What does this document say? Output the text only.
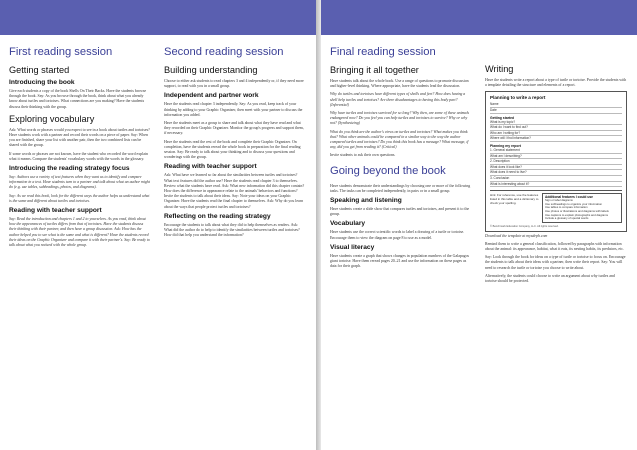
First reading session
Getting started
Introducing the book

Give each students a copy of the book Shells On Their Backs. Have the students browse through the book. Say: As you browse through the book, think about what you already know about turtles and tortoises. What connections are you making? Have the students discuss their thinking with the group.

Exploring vocabulary

Ask: What words or phrases would you expect to see in a book about turtles and tortoises? Have students work with a partner and record their words on a piece of paper. Say: When you are finished, share your list with another pair, then the two combined lists can be shared with the group.

If some words or phrases are not known, have the student who recorded the word explain what it means. Compare the students' vocabulary words with the words in the glossary.

Introducing the reading strategy focus

Say: Authors use a variety of text features when they want us to identify and compare information in a text. Have students turn to a partner and talk about what an author might do (e.g. use tables, subheadings, photos, and diagrams).

Say: As we read this book, look for the different ways the author helps us understand what is the same and different about turtles and tortoises.

Reading with teacher support

Say: Read the introduction and chapters 1 and 2 to yourselves. As you read, think about how the appearances of turtles differs from that of tortoises. Have the students discuss their thinking with their partner, and then have a group discussion. Ask: How has the author helped you to see what is the same and what is different? Have the students record their ideas on the Graphic Organizer and compare it with their partner's. Say: Be ready to talk about what you noticed with the whole group.

Second reading session
Building understanding

Choose to either ask students to read chapters 3 and 4 independently or, if they need more support, to read with you in a small group.

Independent and partner work

Have the students read chapter 3 independently. Say: As you read, keep track of your thinking by adding to your Graphic Organizer, then meet with your partner to discuss the information you added.

Have the students meet as a group to share and talk about what they have read and what they recorded on their Graphic Organizer. Monitor the group's progress and support them, if necessary.

Have the students read the rest of the book and complete their Graphic Organizer. On completion, have the students reread the whole book in preparation for the final reading session. Say: Be ready to talk about your thinking and to discuss your questions and wonderings with the group.

Reading with teacher support

Ask: What have we learned so far about the similarities between turtles and tortoises? What text features did the author use? Have the students read chapter 3 to themselves. Review what the students have read. Ask: What new information did this chapter contain? How does the difference in appearance relate to the animals' behaviors and functions? Invite the students to talk about their ideas. Say: Note your ideas on your Graphic Organizer. Have the students read the final chapter to themselves. Ask: Why do you learn about the ways that people protect turtles and tortoises?

Reflecting on the reading strategy

Encourage the students to talk about what they did to help themselves as readers. Ask: What did the author do to help to identify the similarities between turtles and tortoises? How did that help you understand the information?

Final reading session
Bringing it all together

Have students talk about the whole book. Use a range of questions to promote discussion and higher-level thinking. Where appropriate, have the students lead the discussion.

Why do turtles and tortoises have different types of shells and feet? How does having a shell help turtles and tortoises? Are there disadvantages to having this body part? (Inferential)

Why have turtles and tortoises survived for so long? Why then, are some of these animals endangered now? Do you feel you can help turtles and tortoises to survive? Why or why not? (Synthesizing)

What do you think are the author's views on turtles and tortoises? What makes you think that? What other animals could be compared in a similar way to the way the author compared turtles and tortoises? Do you think this book has a message? What message, if any, did you get from reading it? (Critical)

Invite students to ask their own questions.

Going beyond the book

Have students demonstrate their understandings by choosing one or more of the following tasks. The tasks can be completed independently, in pairs or in a small group.

Speaking and listening

Have students create a slide show that compares turtles and tortoises, and present it to the group.

Vocabulary

Have students use the correct scientific words to label a drawing of a turtle or tortoise. Encourage them to view the diagram on page 8 to use as a model.

Visual literacy

Have students create a graph that shows changes in population numbers of the Galapagos giant tortoise. Have them reread pages 20–21 and use the information on these pages as data for their graph.

Writing

Have the students write a report about a type of turtle or tortoise. Provide the students with a template detailing the structure and elements of a report.

Planning to write a report
Name
Date
Getting started
What is my topic?
What do I want to find out?
Who am I writing for?
Where will I find information?
Planning my report
1. General statement
What am I describing?
2. Description
What does it look like?
What does it need to live?
3. Conclusion
What is interesting about it?
Hint: For reference, use the features listed in this table and a dictionary to check your spelling.
Additional features I could use
Sign or label diagrams
Use subheadings to organize your information
Use tables to compare information
Use photos or illustrations and diagrams with labels
Use captions to explain photographs and diagrams
Include a glossary of special words
© Benchmark Education Company, LLC. All rights reserved.
Download the template at mysdeph.com

Remind them to write a general classification, followed by paragraphs with information about the animal: its appearance, habitat, what it eats, its nesting habits, its predators, etc.

Say: Look through the book for ideas on a type of turtle or tortoise to focus on. Encourage the students to talk about their ideas with a partner, then write their report. Say: You will need to research the turtle or tortoise you choose to write about.

Alternatively, the students could choose to write an argument about why turtles and tortoise should be protected.
